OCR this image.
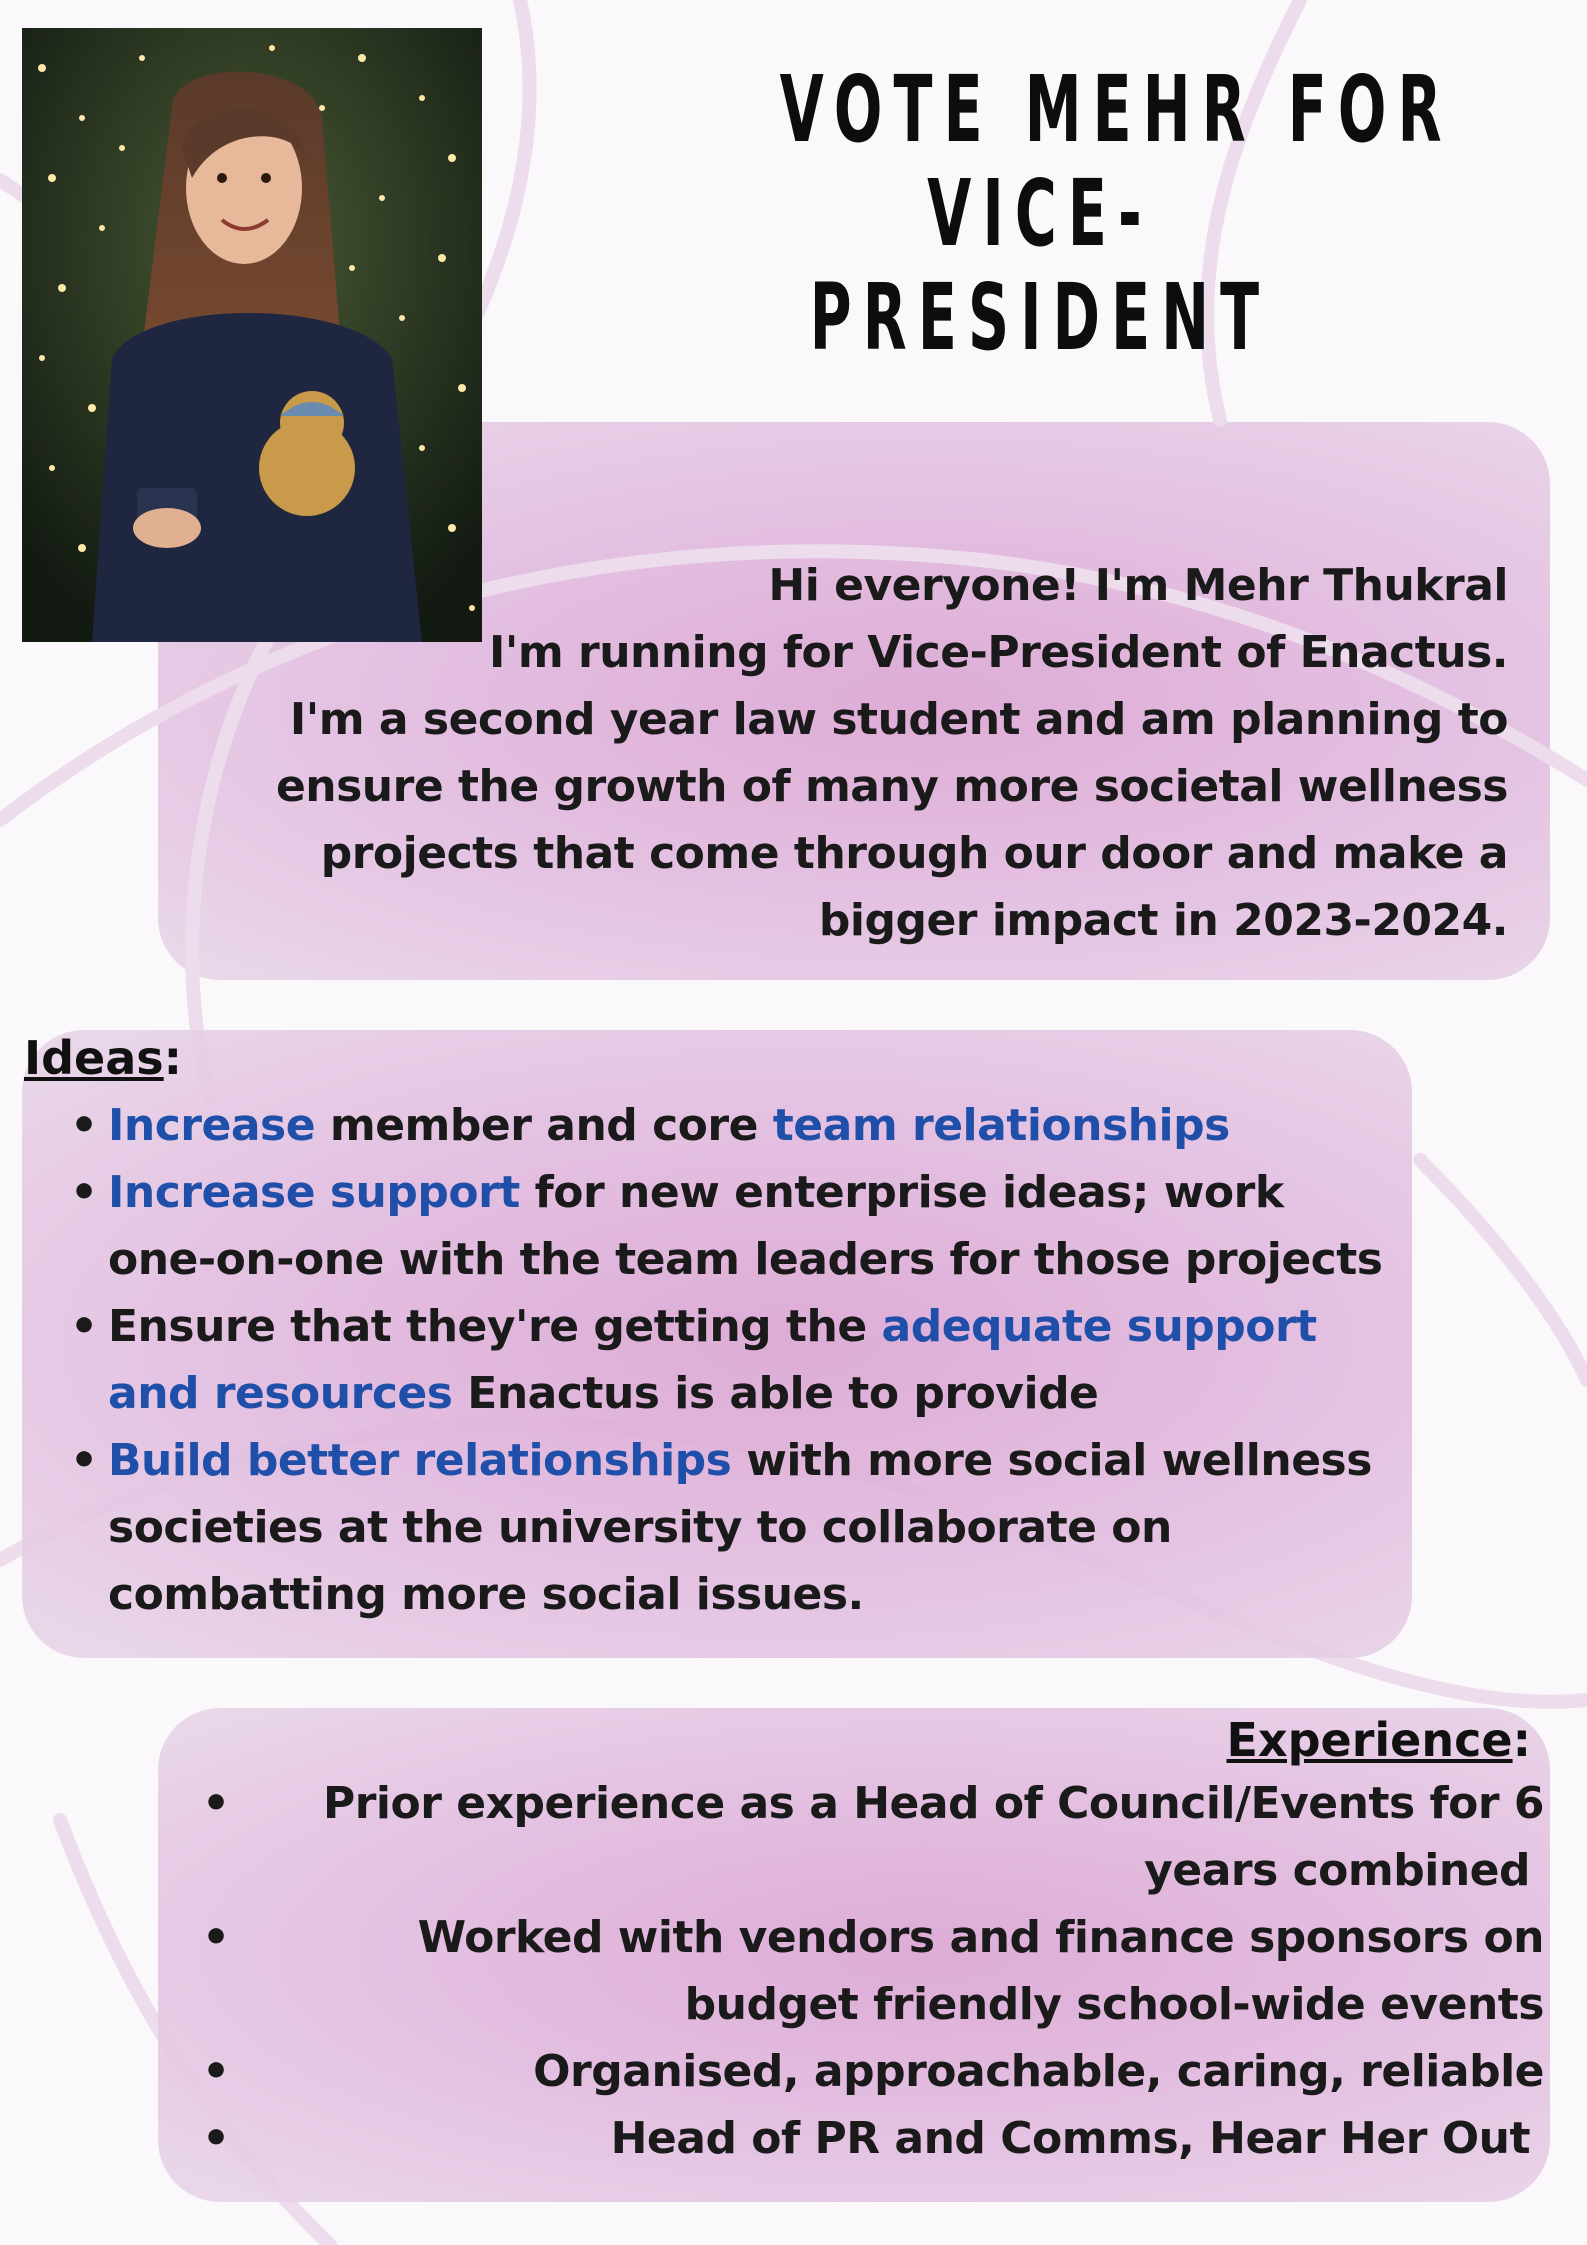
VOTE MEHR FOR
VICE-
PRESIDENT
Hi everyone! I'm Mehr Thukral
I'm running for Vice-President of Enactus.
I'm a second year law student and am planning to
ensure the growth of many more societal wellness
projects that come through our door and make a
bigger impact in 2023-2024.
Ideas:
• Increase member and core team relationships
• Increase support for new enterprise ideas; work
one-on-one with the team leaders for those projects
• Ensure that they're getting the adequate support
and resources Enactus is able to provide
• Build better relationships with more social wellness
societies at the university to collaborate on
combatting more social issues.
Experience:
•	Prior experience as a Head of Council/Events for 6
years combined
•	Worked with vendors and finance sponsors on
budget friendly school-wide events
•	Organised, approachable, caring, reliable
•	Head of PR and Comms, Hear Her Out
